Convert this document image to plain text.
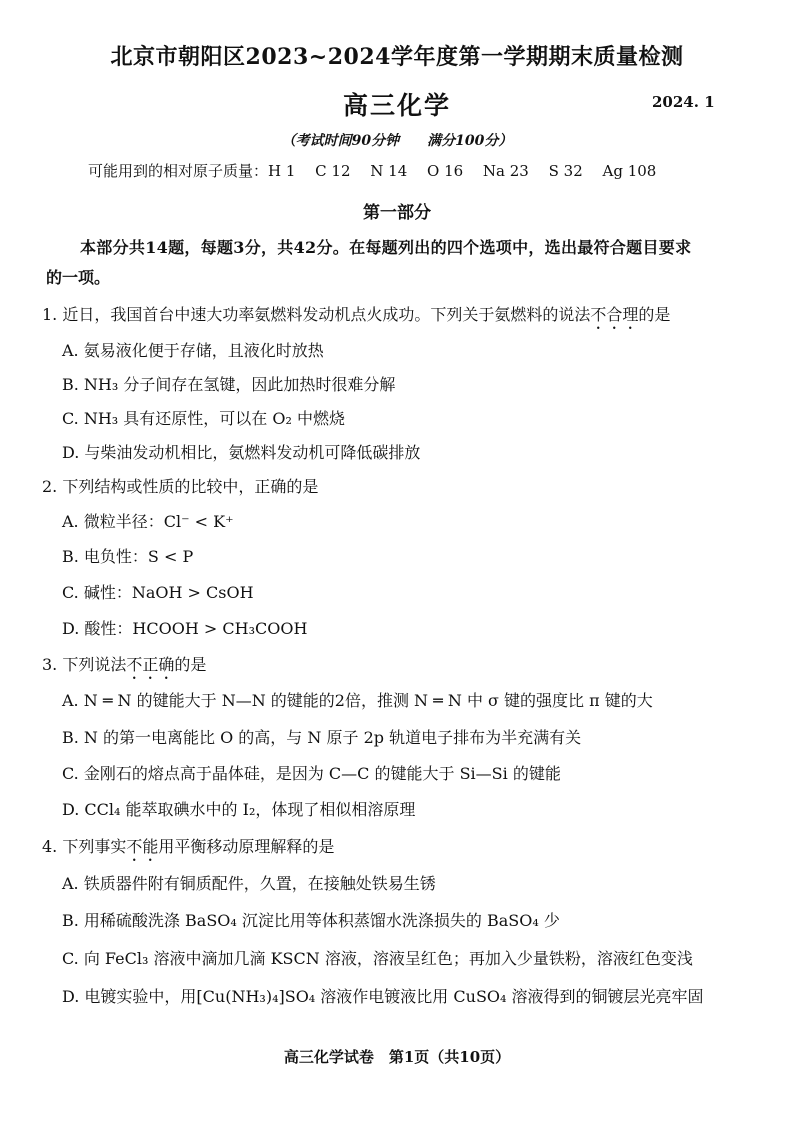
北京市朝阳区2023~2024学年度第一学期期末质量检测
高三化学	2024. 1
（考试时间90分钟　　满分100分）
可能用到的相对原子质量：H 1　 C 12　 N 14　 O 16　 Na 23　 S 32　 Ag 108
第一部分
本部分共14题，每题3分，共42分。在每题列出的四个选项中，选出最符合题目要求
的一项。
1. 近日，我国首台中速大功率氨燃料发动机点火成功。下列关于氨燃料的说法不合理的是
A. 氨易液化便于存储，且液化时放热
B. NH₃ 分子间存在氢键，因此加热时很难分解
C. NH₃ 具有还原性，可以在 O₂ 中燃烧
D. 与柴油发动机相比，氨燃料发动机可降低碳排放
2. 下列结构或性质的比较中，正确的是
A. 微粒半径：Cl⁻ < K⁺
B. 电负性：S < P
C. 碱性：NaOH > CsOH
D. 酸性：HCOOH > CH₃COOH
3. 下列说法不正确的是
A. N ═ N 的键能大于 N—N 的键能的2倍，推测 N ═ N 中 σ 键的强度比 π 键的大
B. N 的第一电离能比 O 的高，与 N 原子 2p 轨道电子排布为半充满有关
C. 金刚石的熔点高于晶体硅，是因为 C—C 的键能大于 Si—Si 的键能
D. CCl₄ 能萃取碘水中的 I₂，体现了相似相溶原理
4. 下列事实不能用平衡移动原理解释的是
A. 铁质器件附有铜质配件，久置，在接触处铁易生锈
B. 用稀硫酸洗涤 BaSO₄ 沉淀比用等体积蒸馏水洗涤损失的 BaSO₄ 少
C. 向 FeCl₃ 溶液中滴加几滴 KSCN 溶液，溶液呈红色；再加入少量铁粉，溶液红色变浅
D. 电镀实验中，用[Cu(NH₃)₄]SO₄ 溶液作电镀液比用 CuSO₄ 溶液得到的铜镀层光亮牢固
高三化学试卷　第1页（共10页）
